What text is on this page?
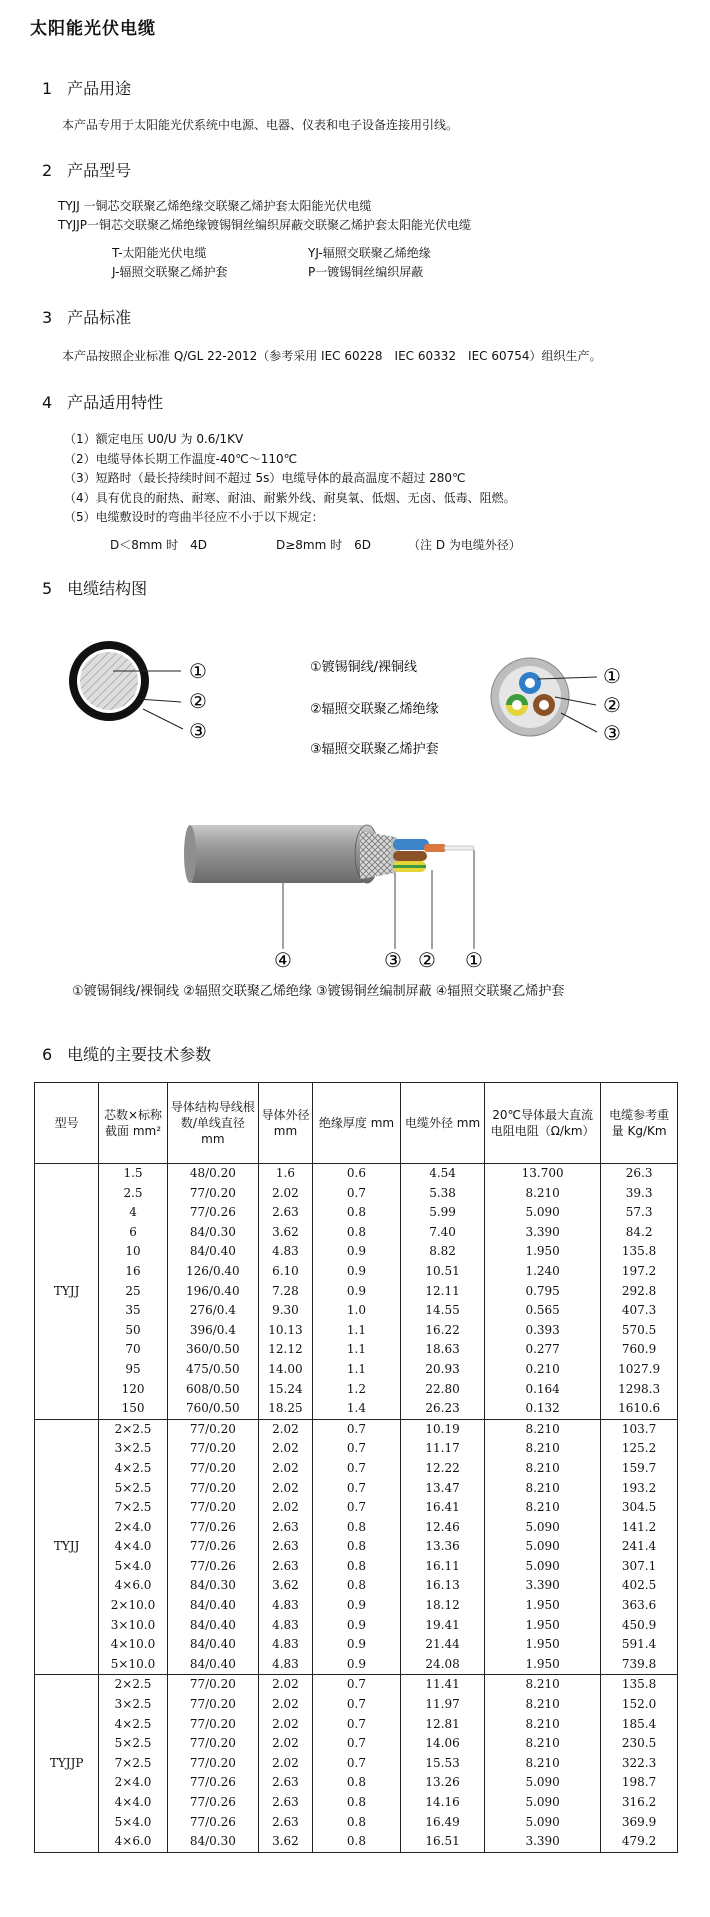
太阳能光伏电缆
1 产品用途
本产品专用于太阳能光伏系统中电源、电器、仪表和电子设备连接用引线。
2 产品型号
TYJJ 一铜芯交联聚乙烯绝缘交联聚乙烯护套太阳能光伏电缆
TYJJP一铜芯交联聚乙烯绝缘镀锡铜丝编织屏蔽交联聚乙烯护套太阳能光伏电缆
T-太阳能光伏电缆	YJ-辐照交联聚乙烯绝缘
J-辐照交联聚乙烯护套	P一镀锡铜丝编织屏蔽
3 产品标准
本产品按照企业标准 Q/GL 22-2012（参考采用 IEC 60228　IEC 60332　IEC 60754）组织生产。
4 产品适用特性
（1）额定电压 U0/U 为 0.6/1KV
（2）电缆导体长期工作温度-40℃～110℃
（3）短路时（最长持续时间不超过 5s）电缆导体的最高温度不超过 280℃
（4）具有优良的耐热、耐寒、耐油、耐紫外线、耐臭氧、低烟、无卤、低毒、阻燃。
（5）电缆敷设时的弯曲半径应不小于以下规定：
D＜8mm 时　4D	D≥8mm 时　6D	（注 D 为电缆外径）
5 电缆结构图
①
②
③
①镀锡铜线/裸铜线
②辐照交联聚乙烯绝缘
③辐照交联聚乙烯护套
①
②
③
④	③ ② ①
①镀锡铜线/裸铜线 ②辐照交联聚乙烯绝缘 ③镀锡铜丝编制屏蔽 ④辐照交联聚乙烯护套
6 电缆的主要技术参数
型号	芯数×标称截面 mm²	导体结构导线根数/单线直径 mm	导体外径 mm	绝缘厚度 mm	电缆外径 mm	20℃导体最大直流电阻电阻（Ω/km）	电缆参考重量 Kg/Km
TYJJ	1.5	48/0.20	1.6	0.6	4.54	13.700	26.3
	2.5	77/0.20	2.02	0.7	5.38	8.210	39.3
	4	77/0.26	2.63	0.8	5.99	5.090	57.3
	6	84/0.30	3.62	0.8	7.40	3.390	84.2
	10	84/0.40	4.83	0.9	8.82	1.950	135.8
	16	126/0.40	6.10	0.9	10.51	1.240	197.2
	25	196/0.40	7.28	0.9	12.11	0.795	292.8
	35	276/0.4	9.30	1.0	14.55	0.565	407.3
	50	396/0.4	10.13	1.1	16.22	0.393	570.5
	70	360/0.50	12.12	1.1	18.63	0.277	760.9
	95	475/0.50	14.00	1.1	20.93	0.210	1027.9
	120	608/0.50	15.24	1.2	22.80	0.164	1298.3
	150	760/0.50	18.25	1.4	26.23	0.132	1610.6
TYJJ	2×2.5	77/0.20	2.02	0.7	10.19	8.210	103.7
	3×2.5	77/0.20	2.02	0.7	11.17	8.210	125.2
	4×2.5	77/0.20	2.02	0.7	12.22	8.210	159.7
	5×2.5	77/0.20	2.02	0.7	13.47	8.210	193.2
	7×2.5	77/0.20	2.02	0.7	16.41	8.210	304.5
	2×4.0	77/0.26	2.63	0.8	12.46	5.090	141.2
	4×4.0	77/0.26	2.63	0.8	13.36	5.090	241.4
	5×4.0	77/0.26	2.63	0.8	16.11	5.090	307.1
	4×6.0	84/0.30	3.62	0.8	16.13	3.390	402.5
	2×10.0	84/0.40	4.83	0.9	18.12	1.950	363.6
	3×10.0	84/0.40	4.83	0.9	19.41	1.950	450.9
	4×10.0	84/0.40	4.83	0.9	21.44	1.950	591.4
	5×10.0	84/0.40	4.83	0.9	24.08	1.950	739.8
TYJJP	2×2.5	77/0.20	2.02	0.7	11.41	8.210	135.8
	3×2.5	77/0.20	2.02	0.7	11.97	8.210	152.0
	4×2.5	77/0.20	2.02	0.7	12.81	8.210	185.4
	5×2.5	77/0.20	2.02	0.7	14.06	8.210	230.5
	7×2.5	77/0.20	2.02	0.7	15.53	8.210	322.3
	2×4.0	77/0.26	2.63	0.8	13.26	5.090	198.7
	4×4.0	77/0.26	2.63	0.8	14.16	5.090	316.2
	5×4.0	77/0.26	2.63	0.8	16.49	5.090	369.9
	4×6.0	84/0.30	3.62	0.8	16.51	3.390	479.2
